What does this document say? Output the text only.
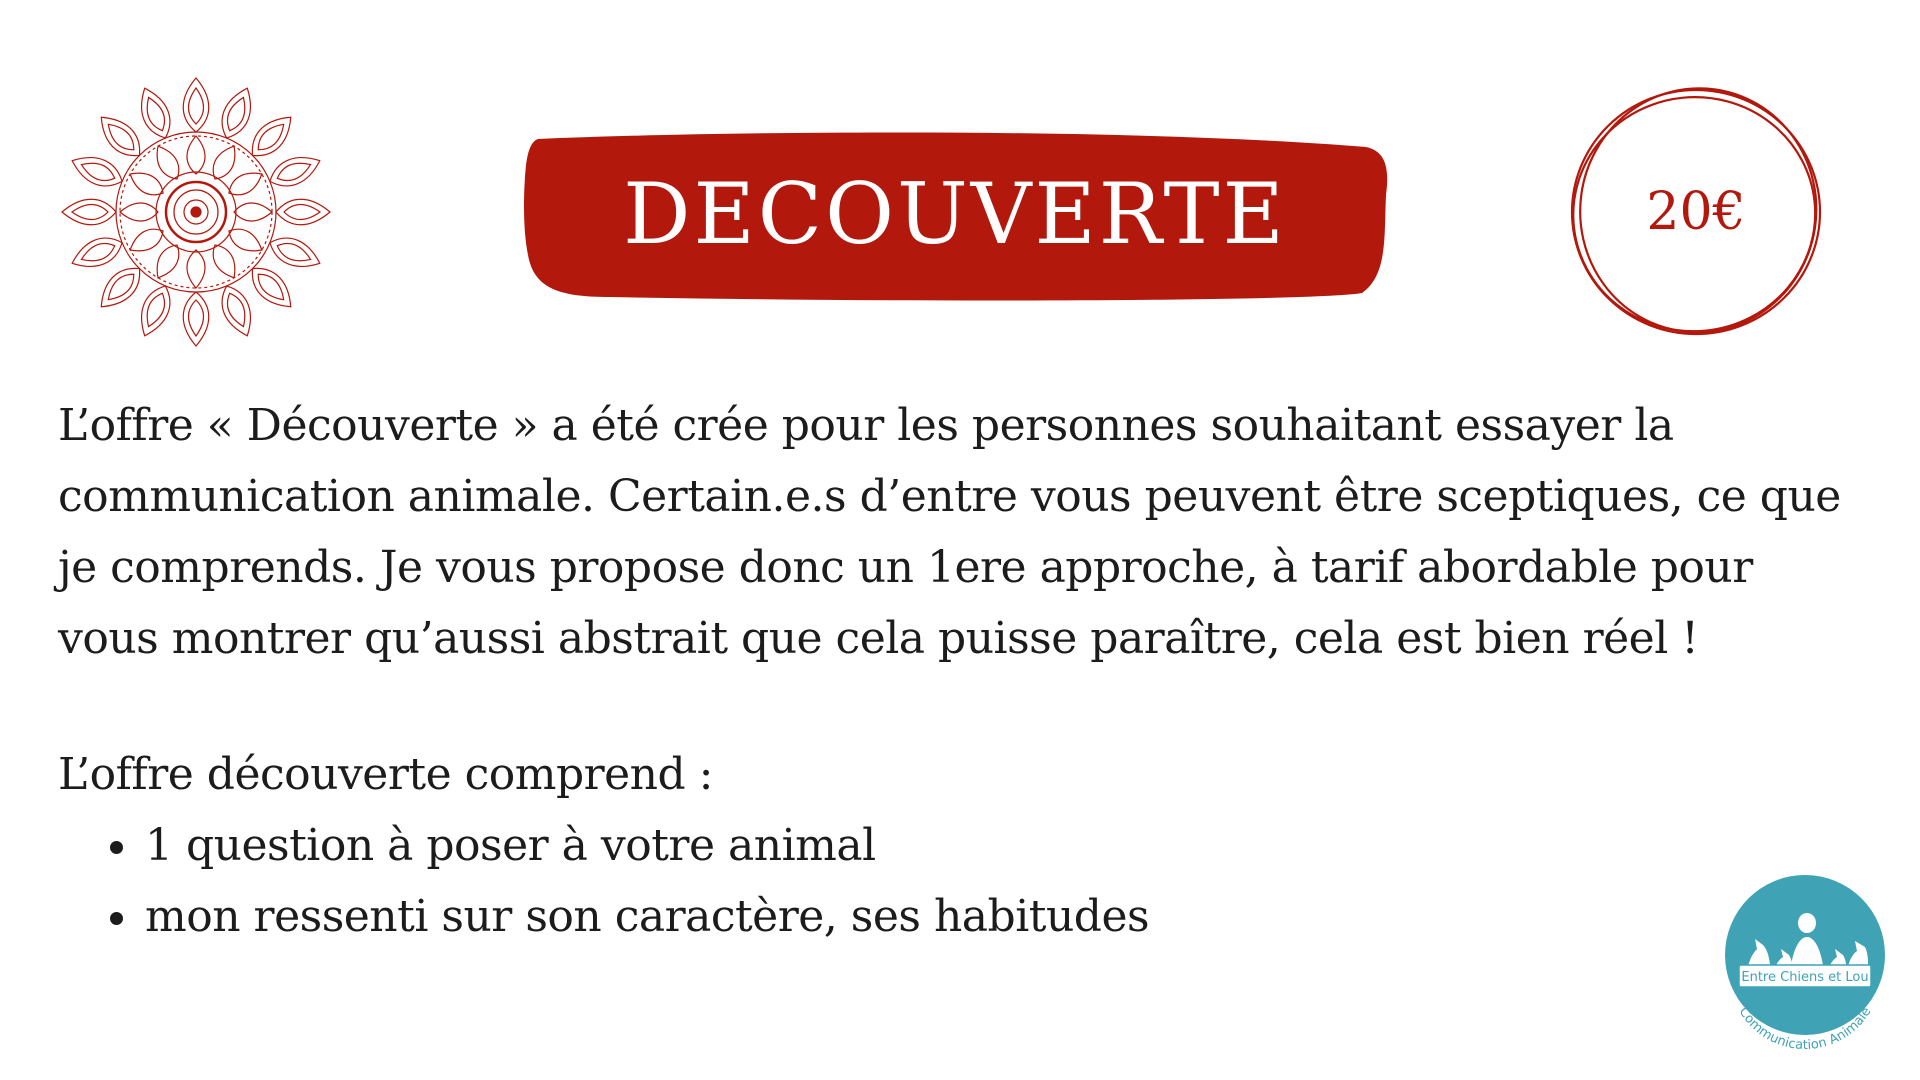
DECOUVERTE	20€

L’offre « Découverte » a été crée pour les personnes souhaitant essayer la communication animale. Certain.e.s d’entre vous peuvent être sceptiques, ce que je comprends. Je vous propose donc un 1ere approche, à tarif abordable pour vous montrer qu’aussi abstrait que cela puisse paraître, cela est bien réel !

L’offre découverte comprend :

• 1 question à poser à votre animal
• mon ressenti sur son caractère, ses habitudes
Entre Chiens et Lou
Communication Animale
